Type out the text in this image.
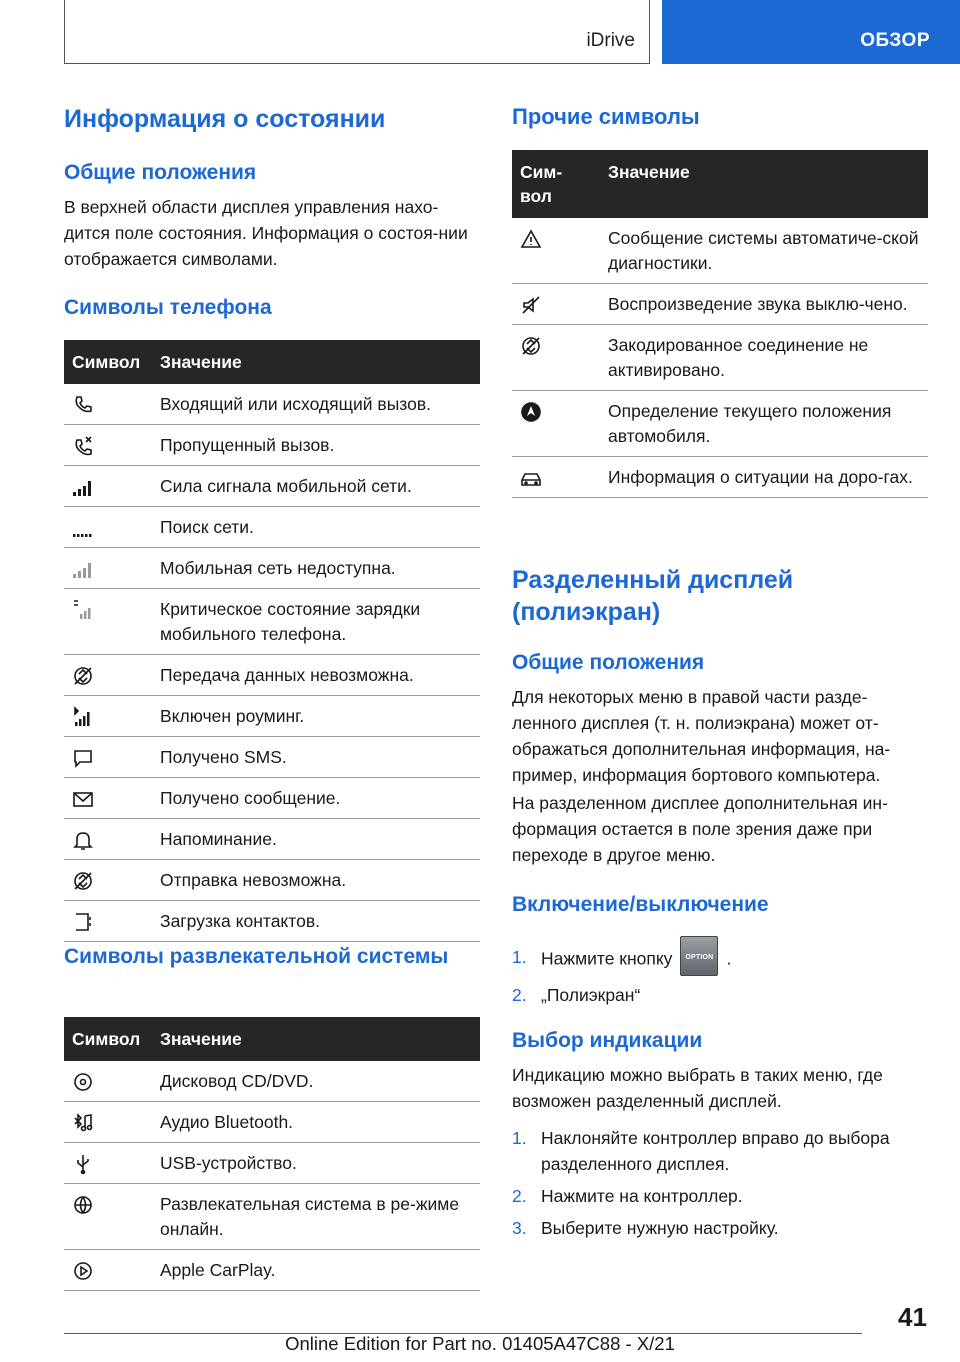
iDrive	ОБЗОР
Информация о состоянии
Общие положения

В верхней области дисплея управления нахо-дится поле состояния. Информация о состоя-нии отображается символами.

Символы телефона
Символ	Значение
	Входящий или исходящий вызов.
	Пропущенный вызов.
	Сила сигнала мобильной сети.
	Поиск сети.
	Мобильная сеть недоступна.
	Критическое состояние зарядки мобильного телефона.
	Передача данных невозможна.
	Включен роуминг.
	Получено SMS.
	Получено сообщение.
	Напоминание.
	Отправка невозможна.
	Загрузка контактов.
Символы развлекательной системы
Символ	Значение
	Дисковод CD/DVD.
	Аудио Bluetooth.
	USB-устройство.
	Развлекательная система в ре-жиме онлайн.
	Apple CarPlay.
Прочие символы
Сим-вол	Значение
	Сообщение системы автоматиче-ской диагностики.
	Воспроизведение звука выклю-чено.
	Закодированное соединение не активировано.
	Определение текущего положения автомобиля.
	Информация о ситуации на доро-гах.
Разделенный дисплей (полиэкран)
Общие положения

Для некоторых меню в правой части разде-ленного дисплея (т. н. полиэкрана) может от-ображаться дополнительная информация, на-пример, информация бортового компьютера.

На разделенном дисплее дополнительная ин-формация остается в поле зрения даже при переходе в другое меню.

Включение/выключение
1. Нажмите кнопку	OPTION .
2. „Полиэкран“
Выбор индикации

Индикацию можно выбрать в таких меню, где возможен разделенный дисплей.

1. Наклоняйте контроллер вправо до выбора разделенного дисплея.
2. Нажмите на контроллер.
3. Выберите нужную настройку.
41
Online Edition for Part no. 01405A47C88 - X/21
